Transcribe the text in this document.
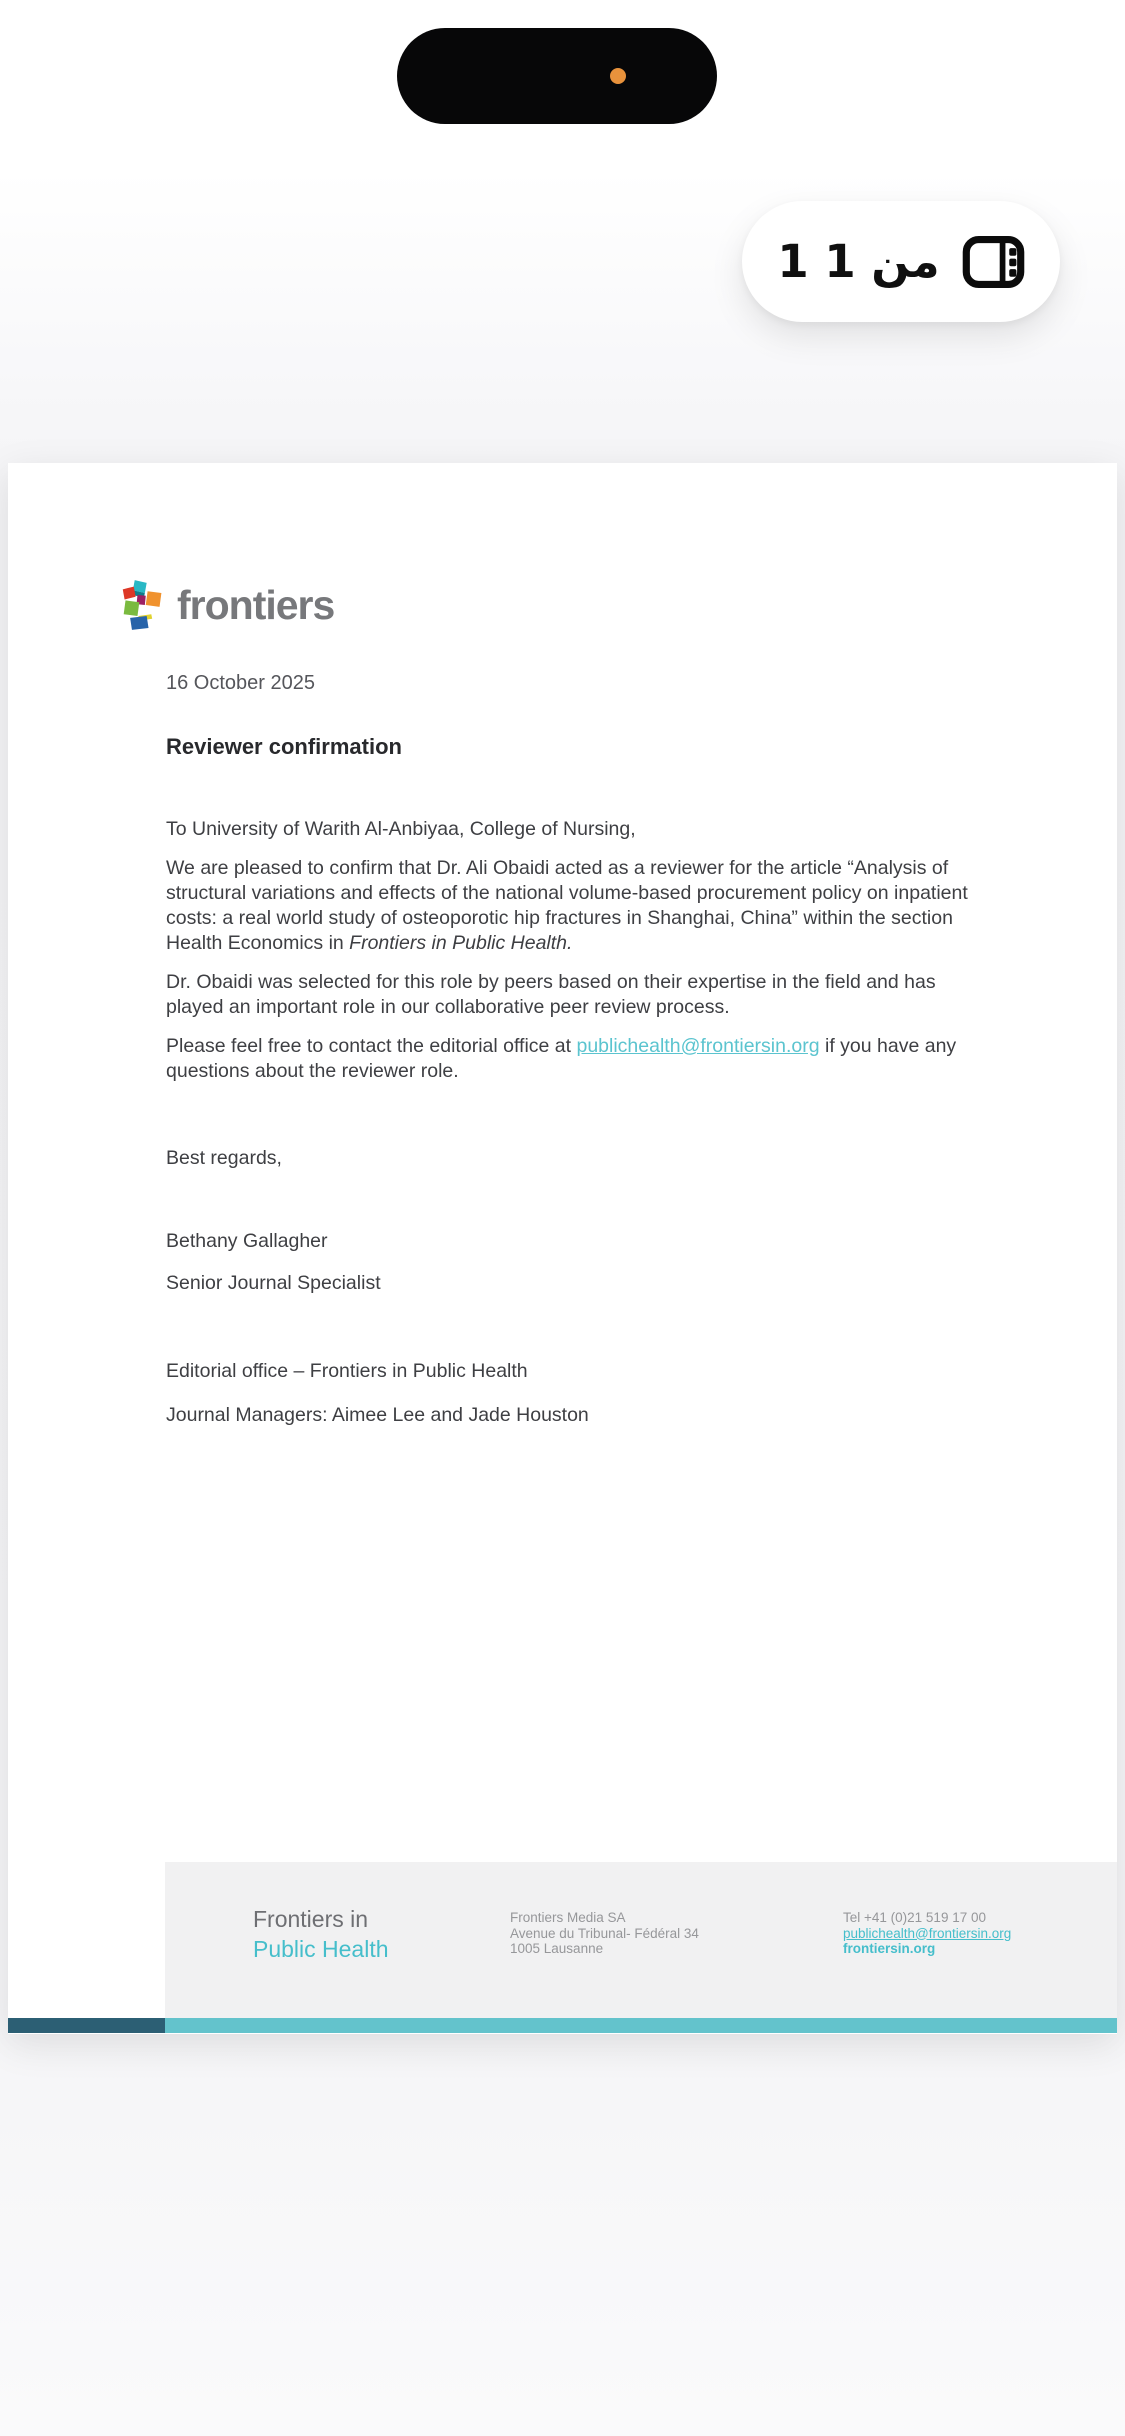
1 من 1
frontiers
16 October 2025
Reviewer confirmation

To University of Warith Al-Anbiyaa, College of Nursing,

We are pleased to confirm that Dr. Ali Obaidi acted as a reviewer for the article “Analysis of structural variations and effects of the national volume-based procurement policy on inpatient costs: a real world study of osteoporotic hip fractures in Shanghai, China” within the section Health Economics in Frontiers in Public Health.

Dr. Obaidi was selected for this role by peers based on their expertise in the field and has played an important role in our collaborative peer review process.

Please feel free to contact the editorial office at publichealth@frontiersin.org if you have any questions about the reviewer role.

Best regards,

Bethany Gallagher

Senior Journal Specialist

Editorial office – Frontiers in Public Health

Journal Managers: Aimee Lee and Jade Houston

Frontiers in
Public Health
Frontiers Media SA
Avenue du Tribunal- Fédéral 34
1005 Lausanne
Tel +41 (0)21 519 17 00
publichealth@frontiersin.org
frontiersin.org
